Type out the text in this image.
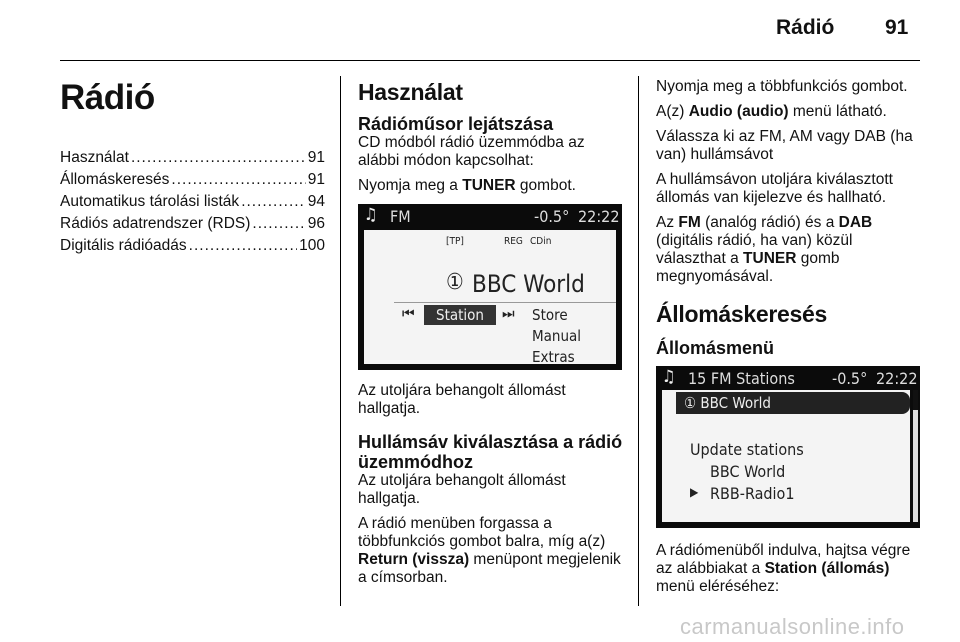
Rádió 91
Rádió
Használat .....	91
Állomáskeresés .....	91
Automatikus tárolási listák .....	94
Rádiós adatrendszer (RDS) .....	96
Digitális rádióadás .....	100
Használat
Rádióműsor lejátszása

CD módból rádió üzemmódba az alábbi módon kapcsolhat:

Nyomja meg a TUNER gombot.

♫ FM	-0.5° 22:22
[TP]	REG CDin
① BBC World
⏮ Station ⏭ Store
Manual
Extras

Az utoljára behangolt állomást hallgatja.

Hullámsáv kiválasztása a rádió üzemmódhoz

Az utoljára behangolt állomást hallgatja.

A rádió menüben forgassa a többfunkciós gombot balra, míg a(z) Return (vissza) menüpont megjelenik a címsorban.

Nyomja meg a többfunkciós gombot.

A(z) Audio (audio) menü látható.

Válassza ki az FM, AM vagy DAB (ha van) hullámsávot

A hullámsávon utoljára kiválasztott állomás van kijelezve és hallható.

Az FM (analóg rádió) és a DAB (digitális rádió, ha van) közül választhat a TUNER gomb megnyomásával.

Állomáskeresés
Állomásmenü
♫ 15 FM Stations -0.5° 22:22
① BBC World
Update stations
BBC World
▶ RBB-Radio1

A rádiómenüből indulva, hajtsa végre az alábbiakat a Station (állomás) menü eléréséhez:

carmanualsonline.info
